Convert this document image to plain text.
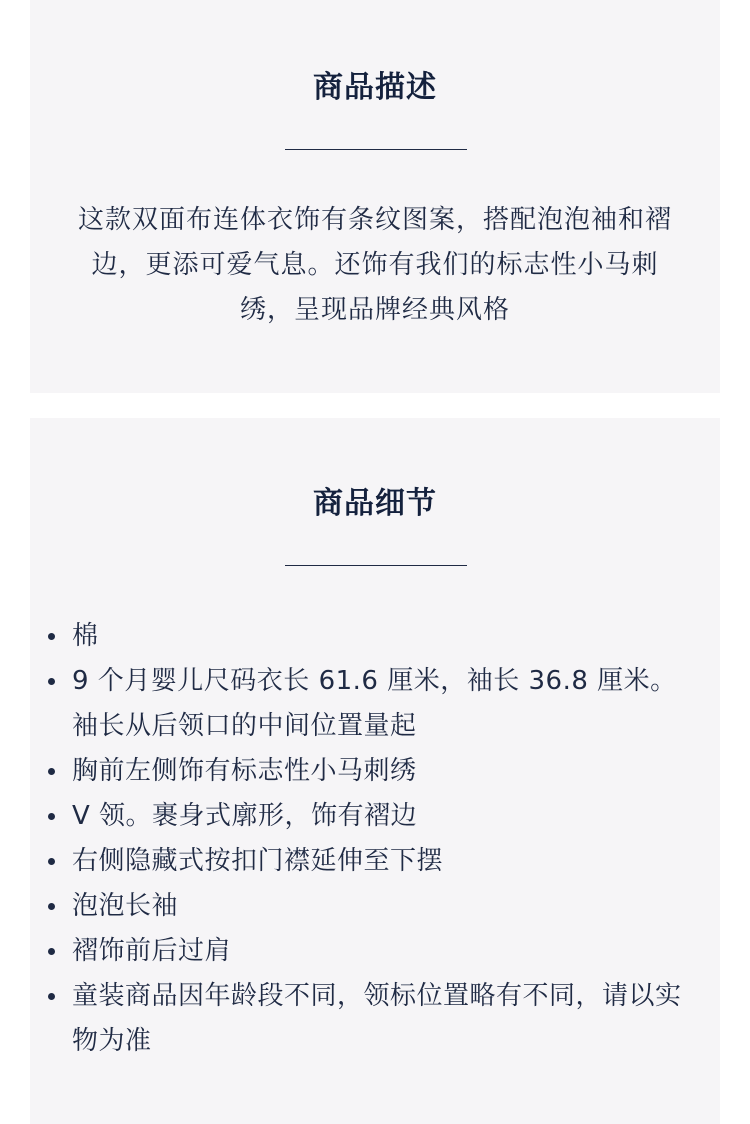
商品描述

这款双面布连体衣饰有条纹图案，搭配泡泡袖和褶边，更添可爱气息。还饰有我们的标志性小马刺绣，呈现品牌经典风格

商品细节
棉
9 个月婴儿尺码衣长 61.6 厘米，袖长 36.8 厘米。袖长从后领口的中间位置量起
胸前左侧饰有标志性小马刺绣
V 领。裹身式廓形，饰有褶边
右侧隐藏式按扣门襟延伸至下摆
泡泡长袖
褶饰前后过肩
童装商品因年龄段不同，领标位置略有不同，请以实物为准
